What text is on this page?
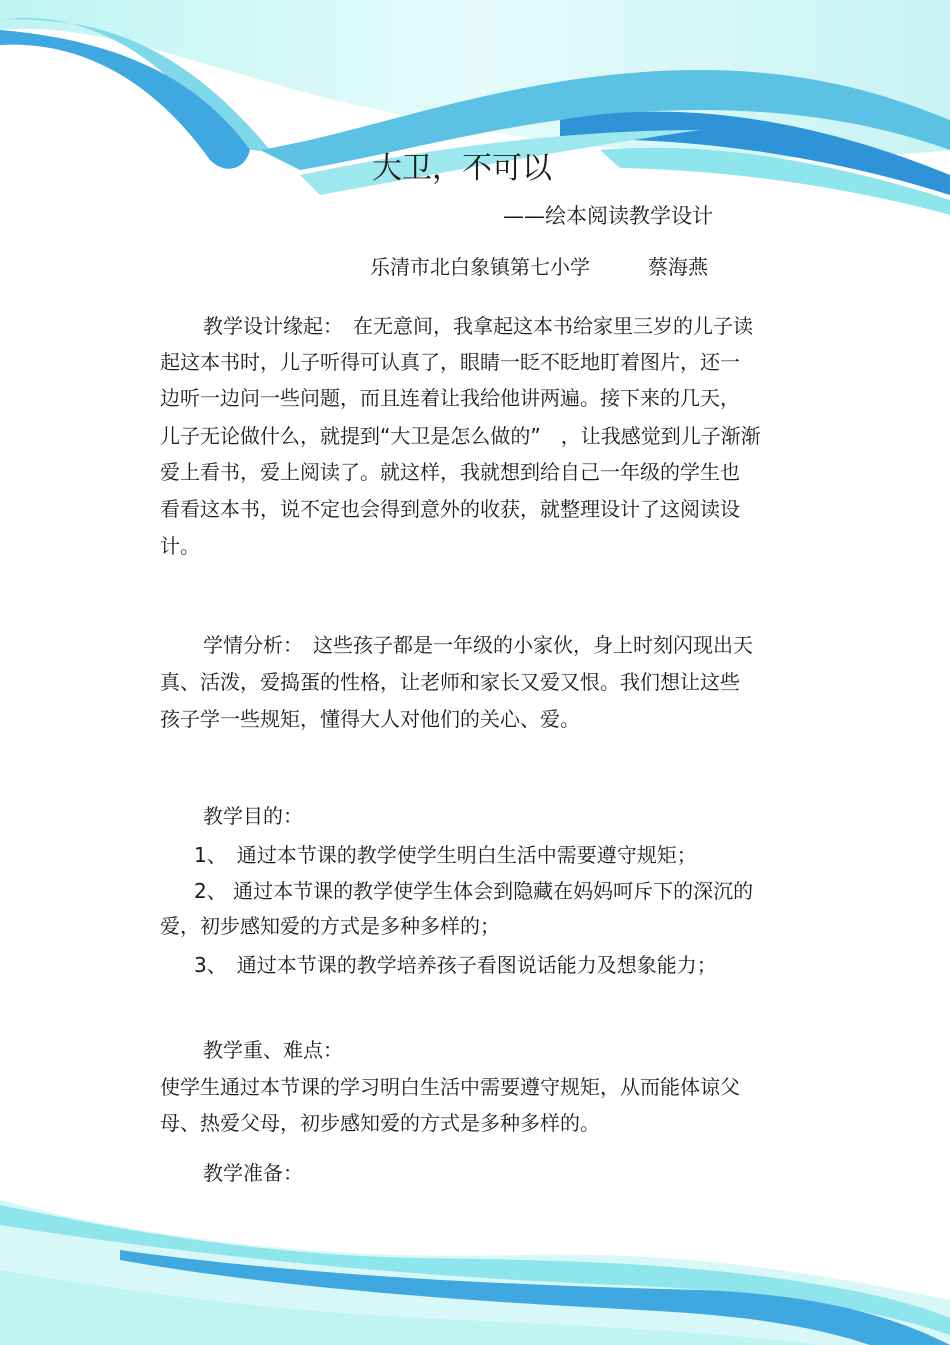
大卫，不可以

——绘本阅读教学设计

乐清市北白象镇第七小学	蔡海燕

教学设计缘起：　在无意间，我拿起这本书给家里三岁的儿子读

起这本书时，儿子听得可认真了，眼睛一眨不眨地盯着图片，还一

边听一边问一些问题，而且连着让我给他讲两遍。接下来的几天，

儿子无论做什么，就提到“大卫是怎么做的”　，让我感觉到儿子渐渐

爱上看书，爱上阅读了。就这样，我就想到给自己一年级的学生也

看看这本书，说不定也会得到意外的收获，就整理设计了这阅读设

计。

学情分析：　这些孩子都是一年级的小家伙，身上时刻闪现出天

真、活泼，爱捣蛋的性格，让老师和家长又爱又恨。我们想让这些

孩子学一些规矩，懂得大人对他们的关心、爱。

教学目的：

1、　通过本节课的教学使学生明白生活中需要遵守规矩；

2、 通过本节课的教学使学生体会到隐藏在妈妈呵斥下的深沉的

爱，初步感知爱的方式是多种多样的；

3、　通过本节课的教学培养孩子看图说话能力及想象能力；

教学重、难点：

使学生通过本节课的学习明白生活中需要遵守规矩，从而能体谅父

母、热爱父母，初步感知爱的方式是多种多样的。

教学准备：
